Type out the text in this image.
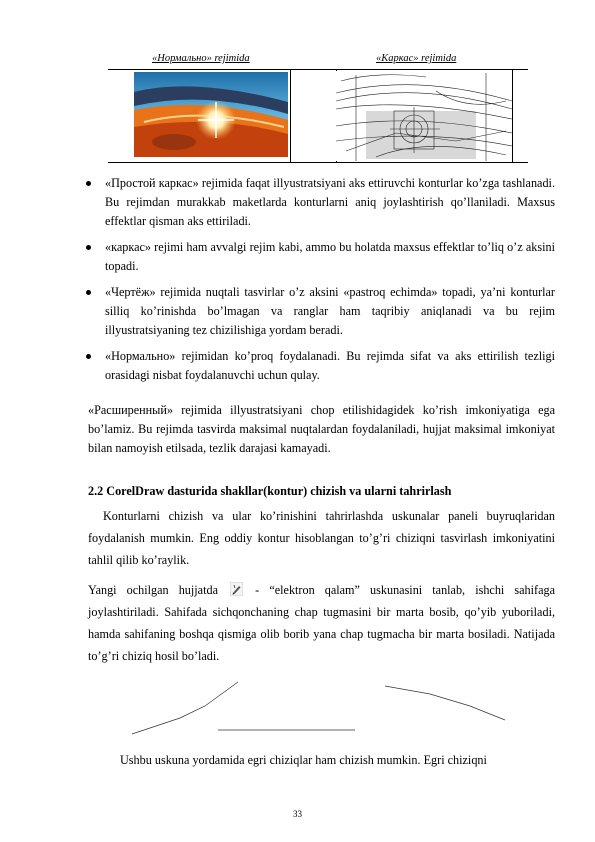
«Нормально» rejimida	«Каркас» rejimida
«Простой каркас» rejimida faqat illyustratsiyani aks ettiruvchi konturlar ko’zga tashlanadi. Bu rejimdan murakkab maketlarda konturlarni aniq joylashtirish qo’llaniladi. Maxsus effektlar qisman aks ettiriladi.
«каркас» rejimi ham avvalgi rejim kabi, ammo bu holatda maxsus effektlar to’liq o’z aksini topadi.
«Чертёж» rejimida nuqtali tasvirlar o’z aksini «pastroq echimda» topadi, ya’ni konturlar silliq ko’rinishda bo’lmagan va ranglar ham taqribiy aniqlanadi va bu rejim illyustratsiyaning tez chizilishiga yordam beradi.
«Нормально» rejimidan ko’proq foydalanadi. Bu rejimda sifat va aks ettirilish tezligi orasidagi nisbat foydalanuvchi uchun qulay.
«Расширенный» rejimida illyustratsiyani chop etilishidagidek ko’rish imkoniyatiga ega bo’lamiz. Bu rejimda tasvirda maksimal nuqtalardan foydalaniladi, hujjat maksimal imkoniyat bilan namoyish etilsada, tezlik darajasi kamayadi.
2.2 CorelDraw dasturida shakllar(kontur) chizish va ularni tahrirlash
Konturlarni chizish va ular ko’rinishini tahrirlashda uskunalar paneli buyruqlaridan foydalanish mumkin. Eng oddiy kontur hisoblangan to’g’ri chiziqni tasvirlash imkoniyatini tahlil qilib ko’raylik.
Yangi ochilgan hujjatda	- “elektron qalam” uskunasini tanlab, ishchi sahifaga joylashtiriladi. Sahifada sichqonchaning chap tugmasini bir marta bosib, qo’yib yuboriladi, hamda sahifaning boshqa qismiga olib borib yana chap tugmacha bir marta bosiladi. Natijada to’g’ri chiziq hosil bo’ladi.
Ushbu uskuna yordamida egri chiziqlar ham chizish mumkin. Egri chiziqni
33
